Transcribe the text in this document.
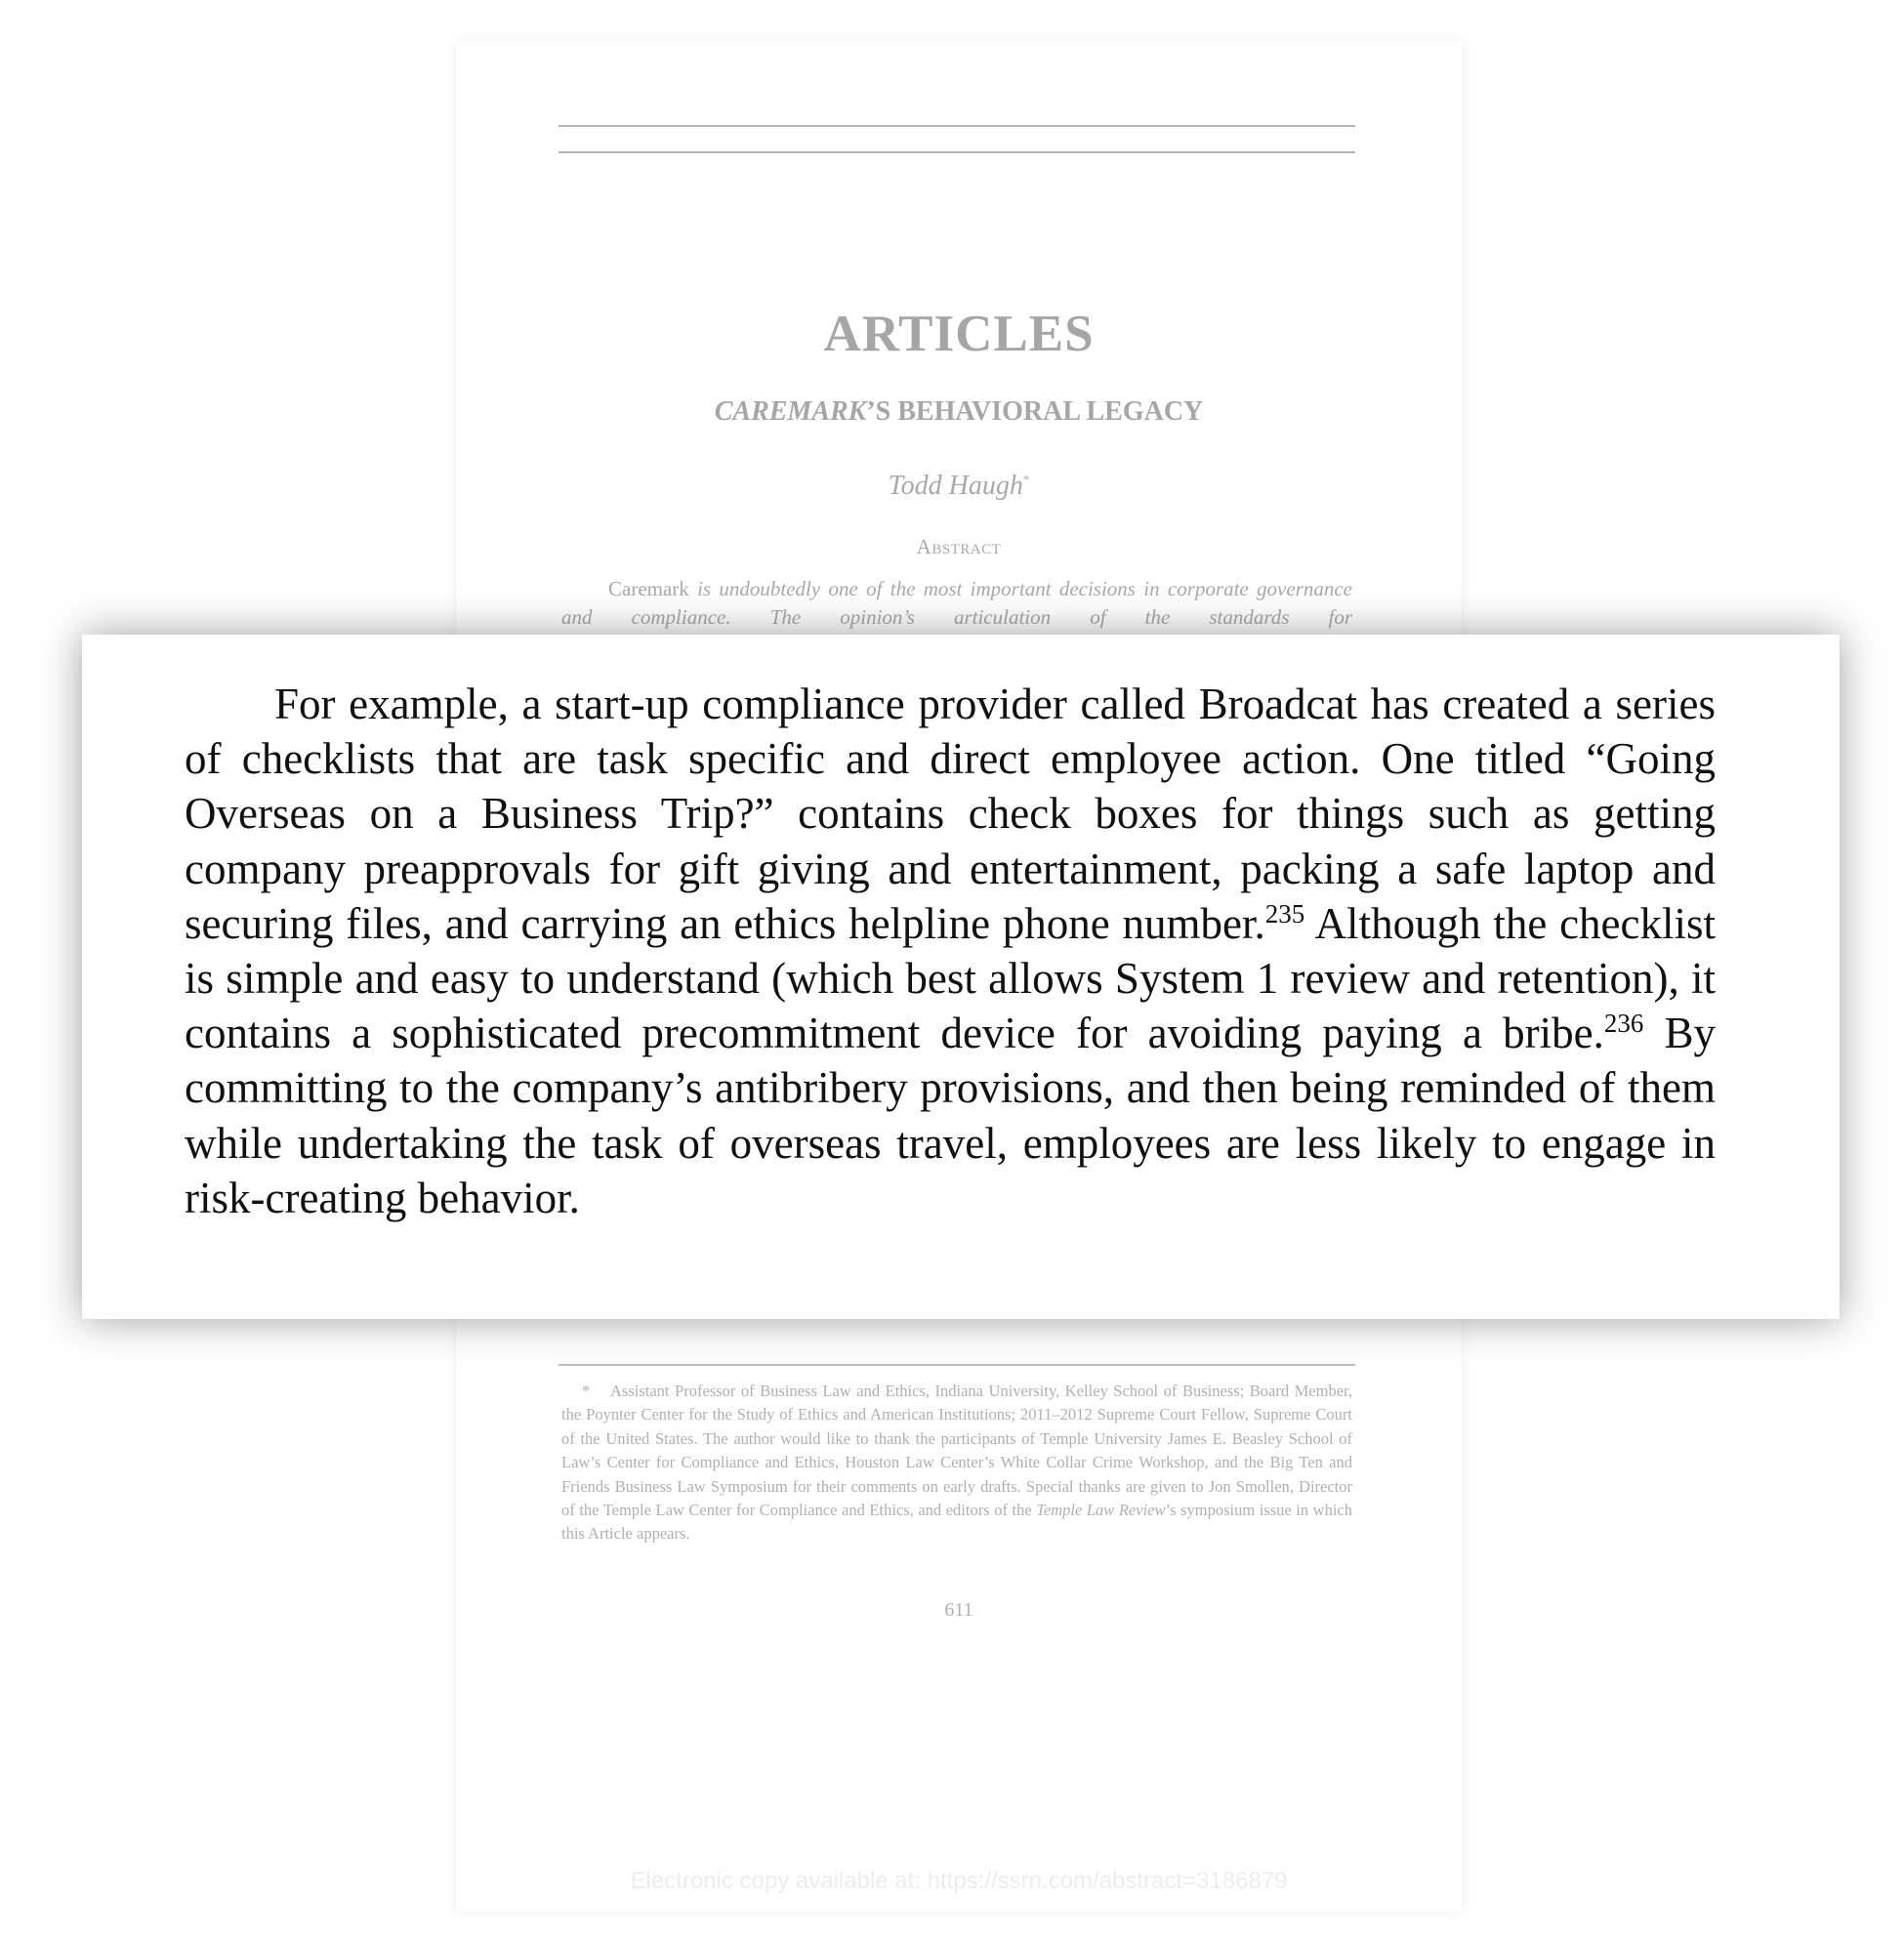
ARTICLES
CAREMARK’S BEHAVIORAL LEGACY
Todd Haugh*
Abstract
Caremark is undoubtedly one of the most important decisions in corporate governance and compliance. The opinion’s articulation of the standards for
* Assistant Professor of Business Law and Ethics, Indiana University, Kelley School of Business; Board Member, the Poynter Center for the Study of Ethics and American Institutions; 2011–2012 Supreme Court Fellow, Supreme Court of the United States. The author would like to thank the participants of Temple University James E. Beasley School of Law’s Center for Compliance and Ethics, Houston Law Center’s White Collar Crime Workshop, and the Big Ten and Friends Business Law Symposium for their comments on early drafts. Special thanks are given to Jon Smollen, Director of the Temple Law Center for Compliance and Ethics, and editors of the Temple Law Review’s symposium issue in which this Article appears.
611
Electronic copy available at: https://ssrn.com/abstract=3186879
For example, a start-up compliance provider called Broadcat has created a series of checklists that are task specific and direct employee action. One titled “Going Overseas on a Business Trip?” contains check boxes for things such as getting company preapprovals for gift giving and entertainment, packing a safe laptop and securing files, and carrying an ethics helpline phone number.$^{235}$ Although the checklist is simple and easy to understand (which best allows System 1 review and retention), it contains a sophisticated precommitment device for avoiding paying a bribe.$^{236}$ By committing to the company’s antibribery provisions, and then being reminded of them while undertaking the task of overseas travel, employees are less likely to engage in risk-creating behavior.
